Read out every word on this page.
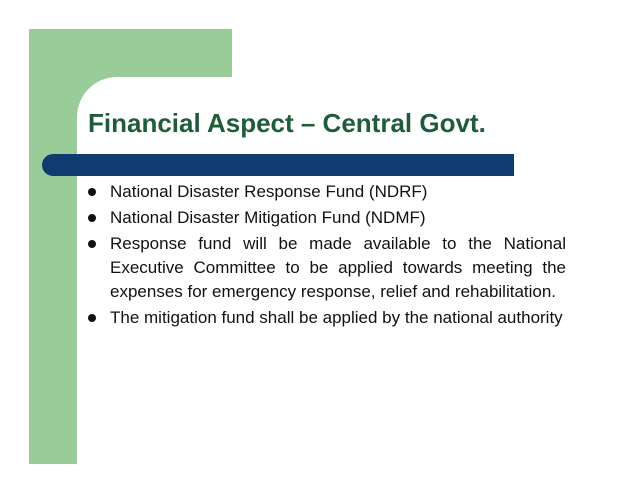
Financial Aspect – Central Govt.
National Disaster Response Fund (NDRF)
National Disaster Mitigation Fund (NDMF)
Response fund will be made available to the National Executive Committee to be applied towards meeting the expenses for emergency response, relief and rehabilitation.
The mitigation fund shall be applied by the national authority
